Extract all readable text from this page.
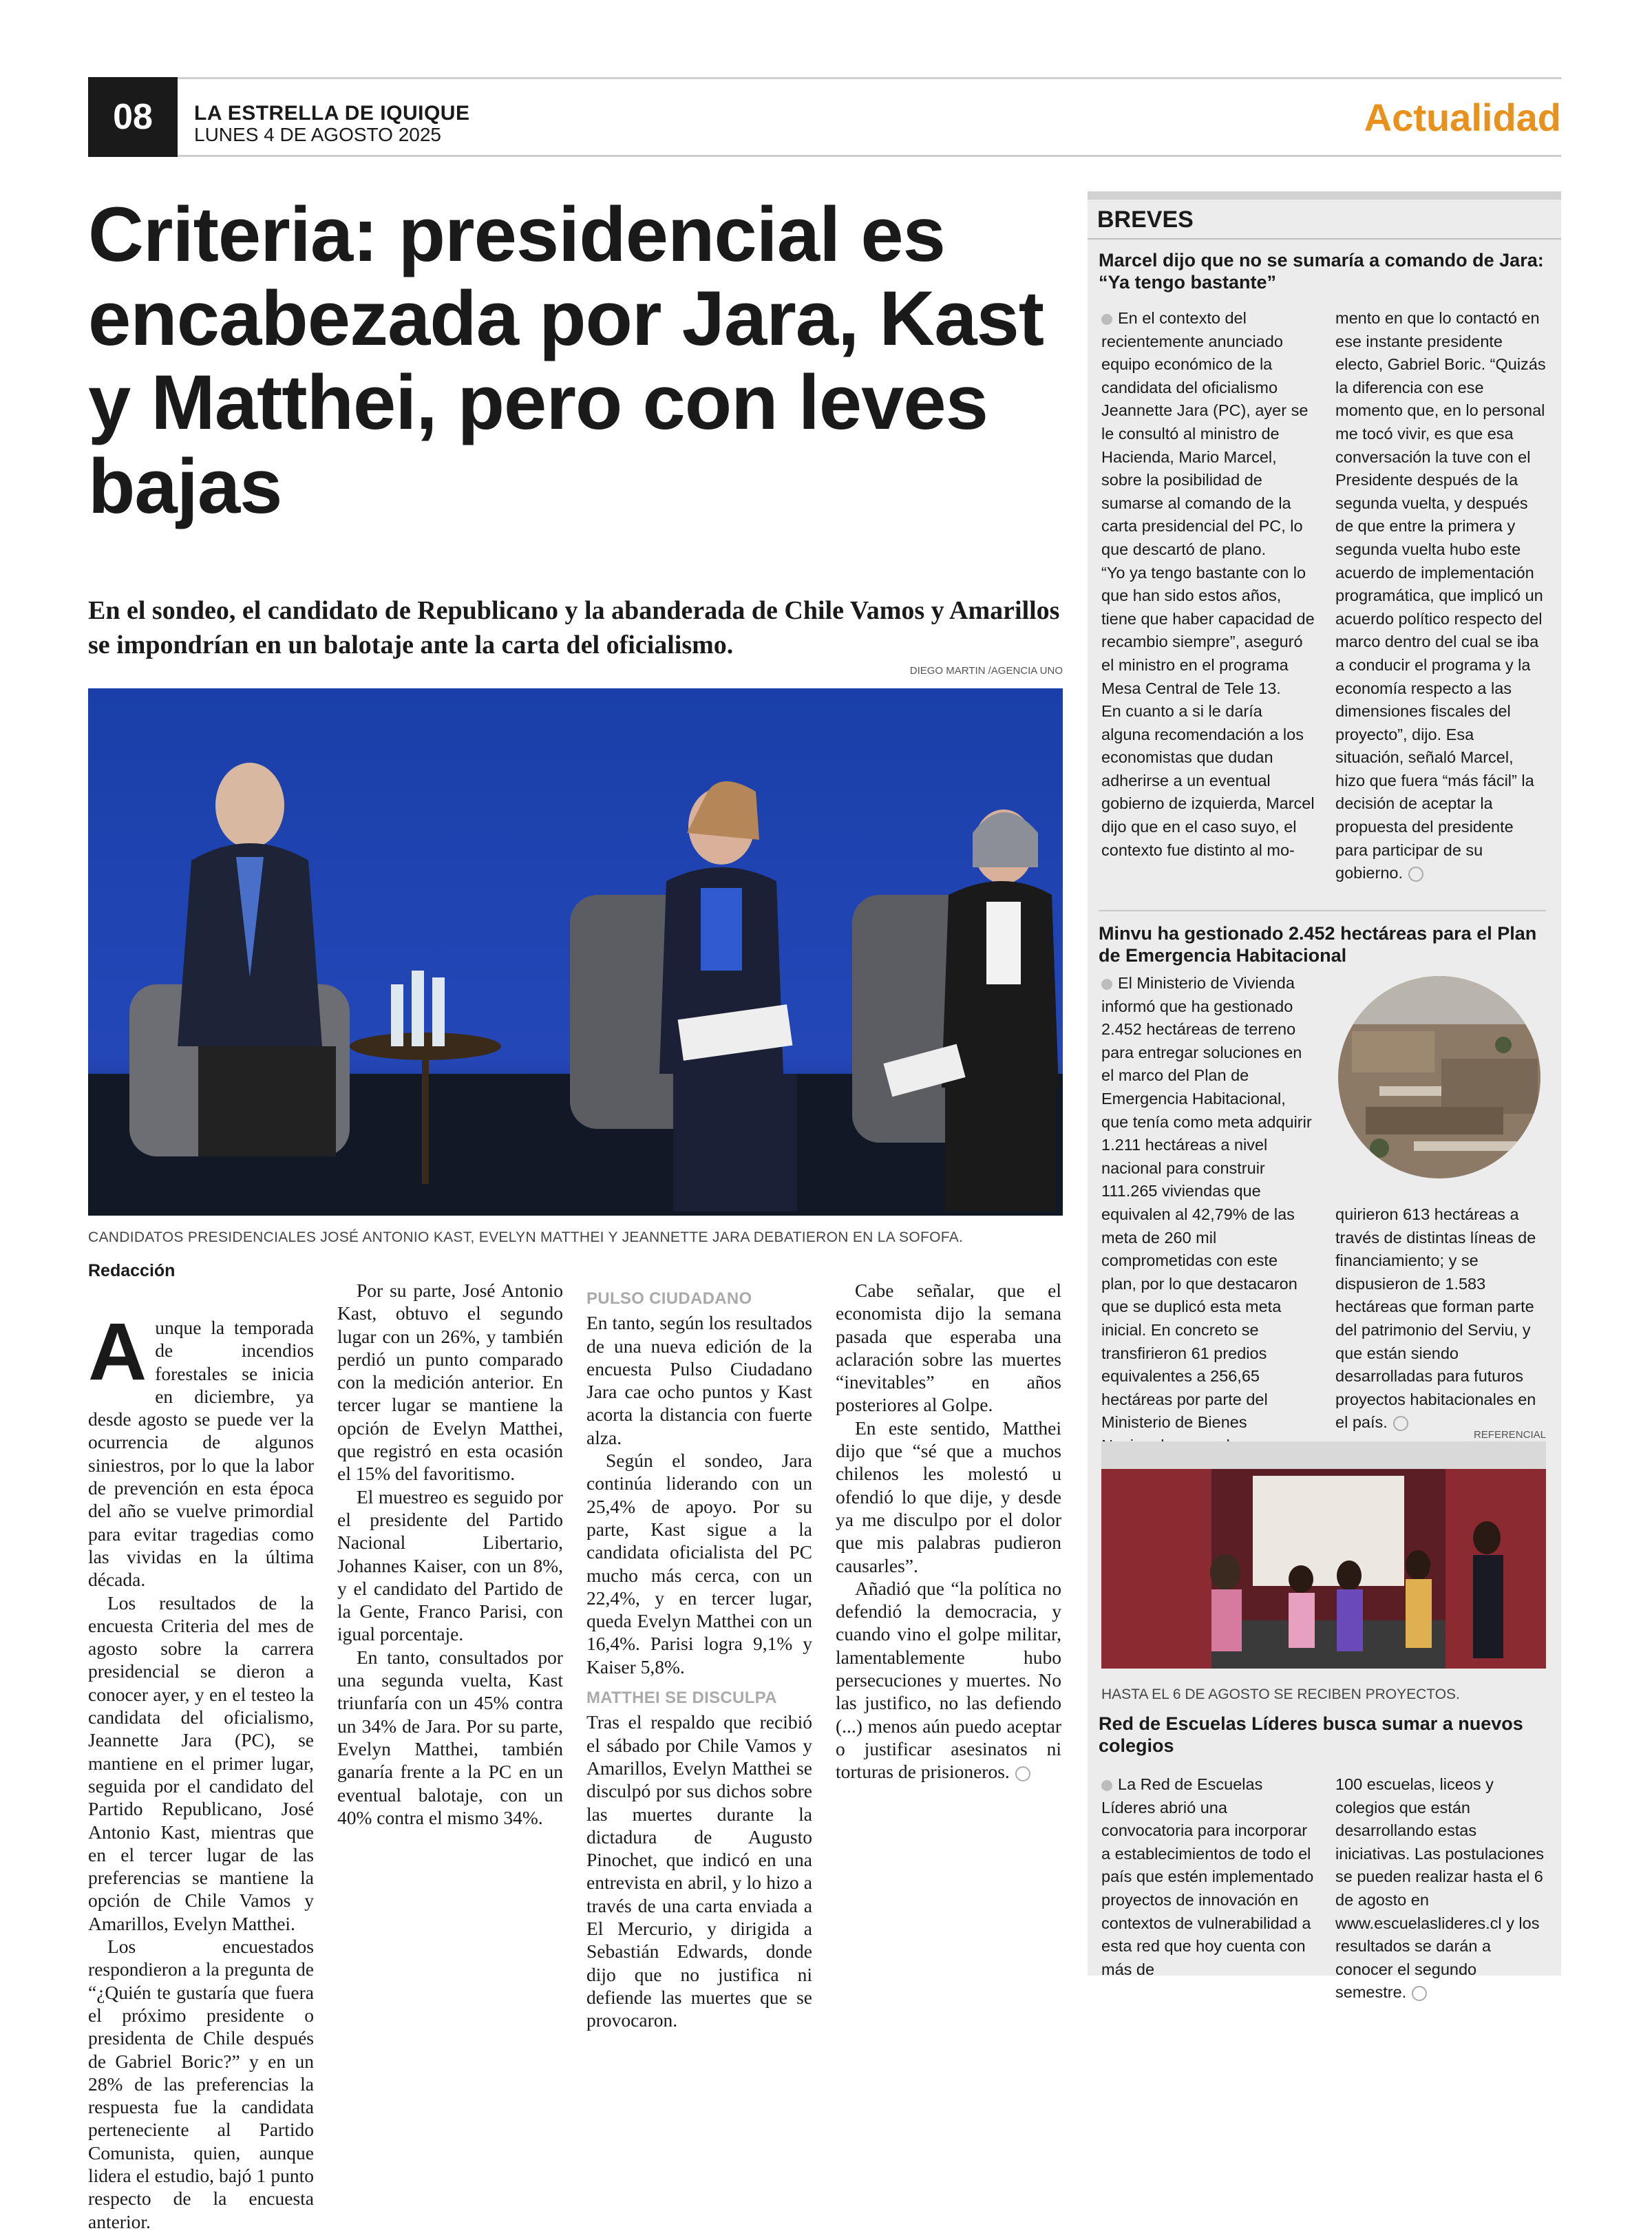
08	LA ESTRELLA DE IQUIQUE
LUNES 4 DE AGOSTO 2025	Actualidad
Criteria: presidencial es encabezada por Jara, Kast y Matthei, pero con leves bajas

En el sondeo, el candidato de Republicano y la abanderada de Chile Vamos y Amarillos se impondrían en un balotaje ante la carta del oficialismo.

DIEGO MARTIN /AGENCIA UNO
CANDIDATOS PRESIDENCIALES JOSÉ ANTONIO KAST, EVELYN MATTHEI Y JEANNETTE JARA DEBATIERON EN LA SOFOFA.
Redacción

Aunque la temporada de incendios forestales se inicia en diciembre, ya desde agosto se puede ver la ocurrencia de algunos siniestros, por lo que la labor de prevención en esta época del año se vuelve primordial para evitar tragedias como las vividas en la última década.

Los resultados de la encuesta Criteria del mes de agosto sobre la carrera presidencial se dieron a conocer ayer, y en el testeo la candidata del oficialismo, Jeannette Jara (PC), se mantiene en el primer lugar, seguida por el candidato del Partido Republicano, José Antonio Kast, mientras que en el tercer lugar de las preferencias se mantiene la opción de Chile Vamos y Amarillos, Evelyn Matthei.

Los encuestados respondieron a la pregunta de “¿Quién te gustaría que fuera el próximo presidente o presidenta de Chile después de Gabriel Boric?” y en un 28% de las preferencias la respuesta fue la candidata perteneciente al Partido Comunista, quien, aunque lidera el estudio, bajó 1 punto respecto de la encuesta anterior.

Por su parte, José Antonio Kast, obtuvo el segundo lugar con un 26%, y también perdió un punto comparado con la medición anterior. En tercer lugar se mantiene la opción de Evelyn Matthei, que registró en esta ocasión el 15% del favoritismo.

El muestreo es seguido por el presidente del Partido Nacional Libertario, Johannes Kaiser, con un 8%, y el candidato del Partido de la Gente, Franco Parisi, con igual porcentaje.

En tanto, consultados por una segunda vuelta, Kast triunfaría con un 45% contra un 34% de Jara. Por su parte, Evelyn Matthei, también ganaría frente a la PC en un eventual balotaje, con un 40% contra el mismo 34%.

PULSO CIUDADANO

En tanto, según los resultados de una nueva edición de la encuesta Pulso Ciudadano Jara cae ocho puntos y Kast acorta la distancia con fuerte alza.

Según el sondeo, Jara continúa liderando con un 25,4% de apoyo. Por su parte, Kast sigue a la candidata oficialista del PC mucho más cerca, con un 22,4%, y en tercer lugar, queda Evelyn Matthei con un 16,4%. Parisi logra 9,1% y Kaiser 5,8%.

MATTHEI SE DISCULPA

Tras el respaldo que recibió el sábado por Chile Vamos y Amarillos, Evelyn Matthei se disculpó por sus dichos sobre las muertes durante la dictadura de Augusto Pinochet, que indicó en una entrevista en abril, y lo hizo a través de una carta enviada a El Mercurio, y dirigida a Sebastián Edwards, donde dijo que no justifica ni defiende las muertes que se provocaron.

Cabe señalar, que el economista dijo la semana pasada que esperaba una aclaración sobre las muertes “inevitables” en años posteriores al Golpe.

En este sentido, Matthei dijo que “sé que a muchos chilenos les molestó u ofendió lo que dije, y desde ya me disculpo por el dolor que mis palabras pudieron causarles”.

Añadió que “la política no defendió la democracia, y cuando vino el golpe militar, lamentablemente hubo persecuciones y muertes. No las justifico, no las defiendo (...) menos aún puedo aceptar o justificar asesinatos ni torturas de prisioneros.

BREVES
Marcel dijo que no se sumaría a comando de Jara: “Ya tengo bastante”

En el contexto del recientemente anunciado equipo económico de la candidata del oficialismo Jeannette Jara (PC), ayer se le consultó al ministro de Hacienda, Mario Marcel, sobre la posibilidad de sumarse al comando de la carta presidencial del PC, lo que descartó de plano.

“Yo ya tengo bastante con lo que han sido estos años, tiene que haber capacidad de recambio siempre”, aseguró el ministro en el programa Mesa Central de Tele 13.

En cuanto a si le daría alguna recomendación a los economistas que dudan adherirse a un eventual gobierno de izquierda, Marcel dijo que en el caso suyo, el contexto fue distinto al mo-

mento en que lo contactó en ese instante presidente electo, Gabriel Boric. “Quizás la diferencia con ese momento que, en lo personal me tocó vivir, es que esa conversación la tuve con el Presidente después de la segunda vuelta, y después de que entre la primera y segunda vuelta hubo este acuerdo de implementación programática, que implicó un acuerdo político respecto del marco dentro del cual se iba a conducir el programa y la economía respecto a las dimensiones fiscales del proyecto”, dijo. Esa situación, señaló Marcel, hizo que fuera “más fácil” la decisión de aceptar la propuesta del presidente para participar de su gobierno.

Minvu ha gestionado 2.452 hectáreas para el Plan de Emergencia Habitacional

El Ministerio de Vivienda informó que ha gestionado 2.452 hectáreas de terreno para entregar soluciones en el marco del Plan de Emergencia Habitacional, que tenía como meta adquirir 1.211 hectáreas a nivel nacional para construir 111.265 viviendas que equivalen al 42,79% de las meta de 260 mil comprometidas con este plan, por lo que destacaron que se duplicó esta meta inicial. En concreto se transfirieron 61 predios equivalentes a 256,65 hectáreas por parte del Ministerio de Bienes

quirieron 613 hectáreas a través de distintas líneas de financiamiento; y se dispusieron de 1.583 hectáreas que forman parte del patrimonio del Serviu, y que están siendo desarrolladas para futuros proyectos habitacionales en el país.

REFERENCIAL
HASTA EL 6 DE AGOSTO SE RECIBEN PROYECTOS.
Red de Escuelas Líderes busca sumar a nuevos colegios

La Red de Escuelas Líderes abrió una convocatoria para incorporar a establecimientos de todo el país que estén implementado proyectos de innovación en contextos de vulnerabilidad a esta red que hoy cuenta con más de

100 escuelas, liceos y colegios que están desarrollando estas iniciativas. Las postulaciones se pueden realizar hasta el 6 de agosto en www.escuelaslideres.cl y los resultados se darán a conocer el segundo semestre.
